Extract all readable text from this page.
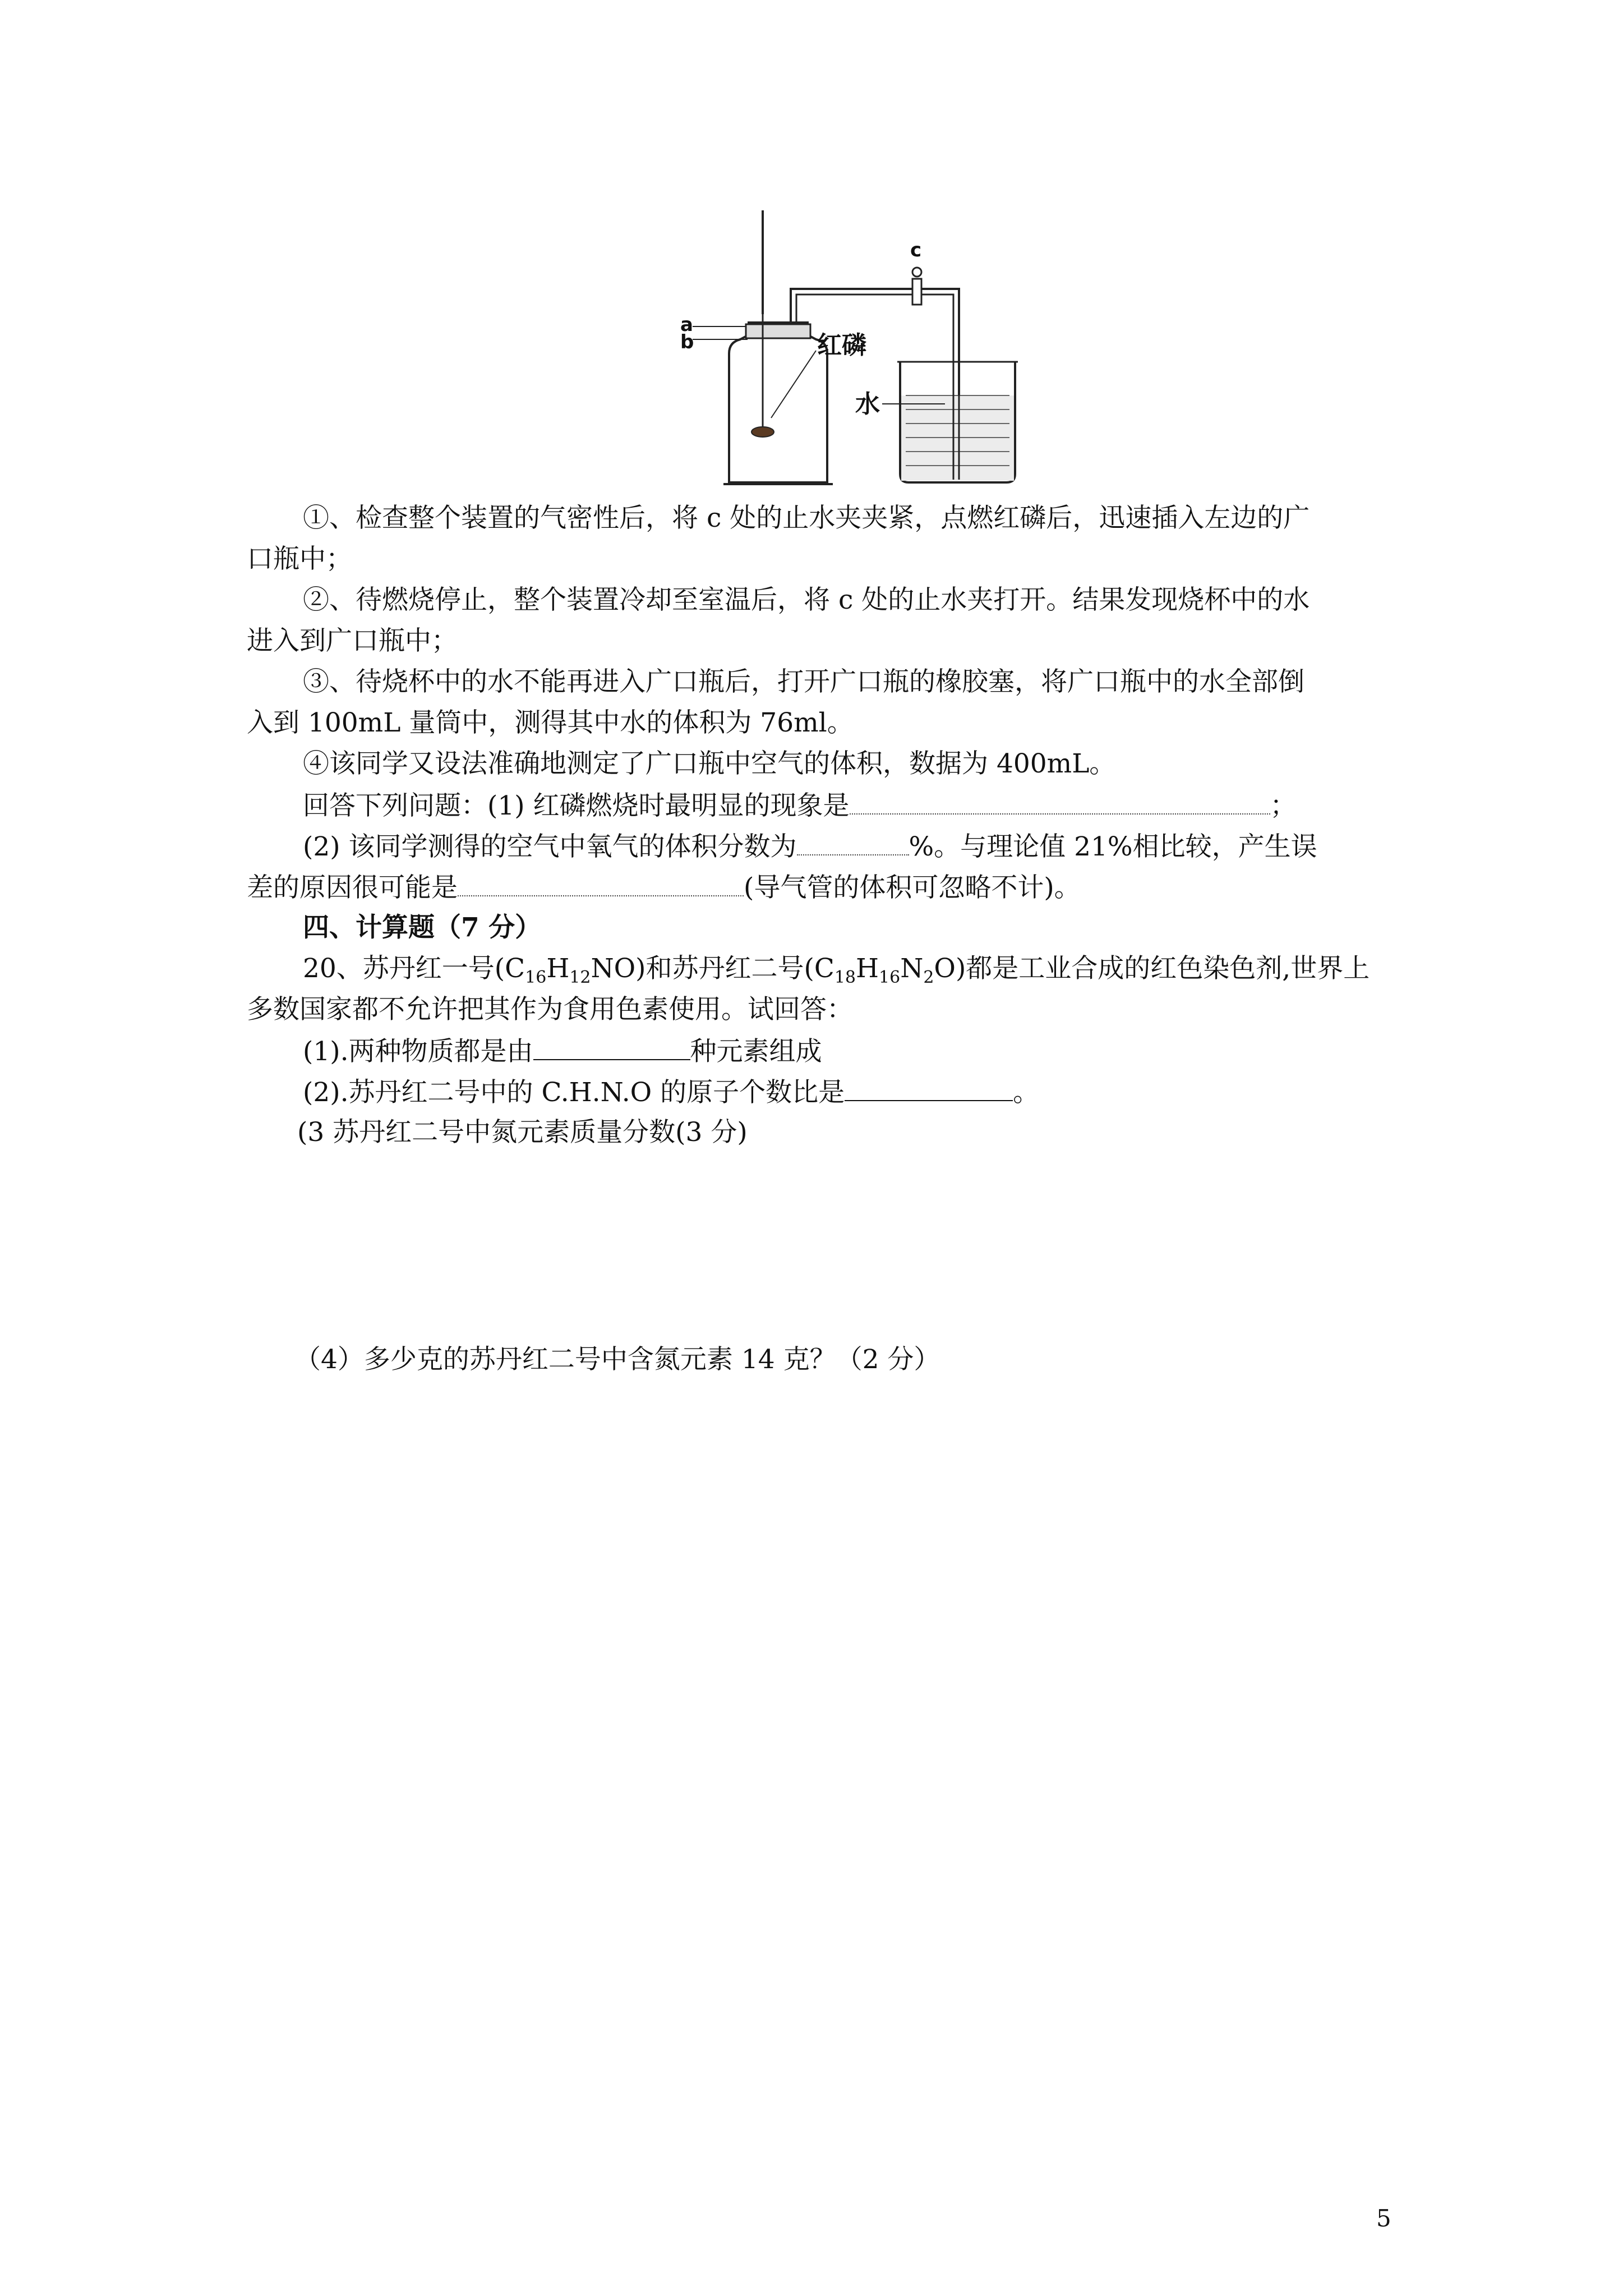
a
b	红磷
c
水
①、检查整个装置的气密性后，将 c 处的止水夹夹紧，点燃红磷后，迅速插入左边的广
口瓶中；
②、待燃烧停止，整个装置冷却至室温后，将 c 处的止水夹打开。结果发现烧杯中的水
进入到广口瓶中；
③、待烧杯中的水不能再进入广口瓶后，打开广口瓶的橡胶塞，将广口瓶中的水全部倒
入到 100mL 量筒中，测得其中水的体积为 76ml。
④该同学又设法准确地测定了广口瓶中空气的体积，数据为 400mL。
回答下列问题：(1) 红磷燃烧时最明显的现象是	；
(2) 该同学测得的空气中氧气的体积分数为	%。与理论值 21%相比较，产生误
差的原因很可能是	(导气管的体积可忽略不计)。
四、计算题（7 分）
20、苏丹红一号$(C_{16}H_{12}NO)$和苏丹红二号$(C_{18}H_{16}N_2O)$都是工业合成的红色染色剂,世界上
多数国家都不允许把其作为食用色素使用。试回答：
(1).两种物质都是由	种元素组成
(2).苏丹红二号中的 C.H.N.O 的原子个数比是	。
(3 苏丹红二号中氮元素质量分数(3 分)
（4）多少克的苏丹红二号中含氮元素 14 克？（2 分）
5
